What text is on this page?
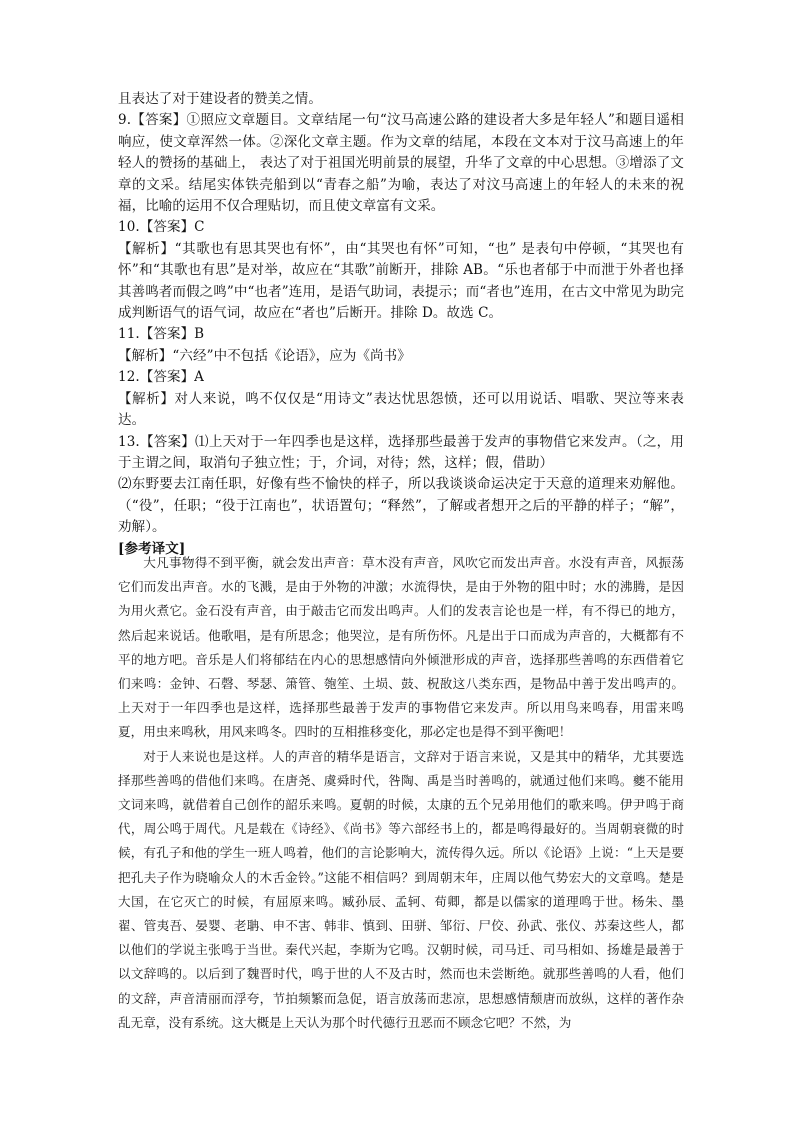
且表达了对于建设者的赞美之情。

9.【答案】①照应文章题目。文章结尾一句“汶马高速公路的建设者大多是年轻人”和题目遥相响应，使文章浑然一体。②深化文章主题。作为文章的结尾，本段在文本对于汶马高速上的年轻人的赞扬的基础上， 表达了对于祖国光明前景的展望，升华了文章的中心思想。③增添了文章的文采。结尾实体铁壳船到以“青春之船”为喻，表达了对汶马高速上的年轻人的未来的祝福，比喻的运用不仅合理贴切，而且使文章富有文采。

10.【答案】C

【解析】“其歌也有思其哭也有怀”，由“其哭也有怀”可知，“也” 是表句中停顿，“其哭也有怀”和“其歌也有思”是对举，故应在“其歌”前断开，排除 AB。“乐也者郁于中而泄于外者也择其善鸣者而假之鸣”中“也者”连用，是语气助词，表提示；而“者也”连用，在古文中常见为助完成判断语气的语气词，故应在“者也”后断开。排除 D。故选 C。

11.【答案】B

【解析】“六经”中不包括《论语》，应为《尚书》

12.【答案】A

【解析】对人来说，鸣不仅仅是“用诗文”表达忧思怨愤，还可以用说话、唱歌、哭泣等来表达。

13.【答案】⑴上天对于一年四季也是这样，选择那些最善于发声的事物借它来发声。（之，用于主谓之间，取消句子独立性；于，介词，对待；然，这样；假，借助）

⑵东野要去江南任职，好像有些不愉快的样子，所以我谈谈命运决定于天意的道理来劝解他。（“役”，任职；“役于江南也”，状语置句；“释然”，了解或者想开之后的平静的样子；“解”，劝解）。

[参考译文]

大凡事物得不到平衡，就会发出声音：草木没有声音，风吹它而发出声音。水没有声音，风振荡它们而发出声音。水的飞溅，是由于外物的冲激；水流得快，是由于外物的阻中时；水的沸腾，是因为用火煮它。金石没有声音，由于敲击它而发出鸣声。人们的发表言论也是一样，有不得已的地方，然后起来说话。他歌唱，是有所思念；他哭泣，是有所伤怀。凡是出于口而成为声音的，大概都有不平的地方吧。音乐是人们将郁结在内心的思想感情向外倾泄形成的声音，选择那些善鸣的东西借着它们来鸣：金钟、石磬、琴瑟、箫管、匏笙、土埙、鼓、柷敔这八类东西，是物品中善于发出鸣声的。上天对于一年四季也是这样，选择那些最善于发声的事物借它来发声。所以用鸟来鸣春，用雷来鸣夏，用虫来鸣秋，用风来鸣冬。四时的互相推移变化，那必定也是得不到平衡吧！

对于人来说也是这样。人的声音的精华是语言，文辞对于语言来说，又是其中的精华，尤其要选择那些善鸣的借他们来鸣。在唐尧、虞舜时代，咎陶、禹是当时善鸣的，就通过他们来鸣。夔不能用文词来鸣，就借着自己创作的韶乐来鸣。夏朝的时候，太康的五个兄弟用他们的歌来鸣。伊尹鸣于商代，周公鸣于周代。凡是载在《诗经》、《尚书》等六部经书上的，都是鸣得最好的。当周朝衰微的时候，有孔子和他的学生一班人鸣着，他们的言论影响大，流传得久远。所以《论语》上说：“上天是要把孔夫子作为晓喻众人的木舌金铃。”这能不相信吗？到周朝末年，庄周以他气势宏大的文章鸣。楚是大国，在它灭亡的时候，有屈原来鸣。臧孙辰、孟轲、荀卿，都是以儒家的道理鸣于世。杨朱、墨翟、管夷吾、晏婴、老聃、申不害、韩非、慎到、田骈、邹衍、尸佼、孙武、张仪、苏秦这些人，都以他们的学说主张鸣于当世。秦代兴起，李斯为它鸣。汉朝时候，司马迁、司马相如、扬雄是最善于以文辞鸣的。以后到了魏晋时代，鸣于世的人不及古时，然而也未尝断绝。就那些善鸣的人看，他们的文辞，声音清丽而浮夸，节拍频繁而急促，语言放荡而悲凉，思想感情颓唐而放纵，这样的著作杂乱无章，没有系统。这大概是上天认为那个时代德行丑恶而不顾念它吧？不然，为
